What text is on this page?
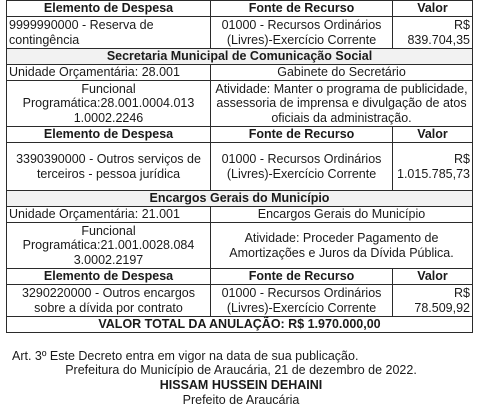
Elemento de Despesa	Fonte de Recurso	Valor
9999990000 - Reserva de contingência	01000 - Recursos Ordinários (Livres)-Exercício Corrente	R$ 839.704,35
Secretaria Municipal de Comunicação Social		
Unidade Orçamentária: 28.001	Gabinete do Secretário	
Funcional Programática:28.001.0004.013 1.0002.2246	Atividade: Manter o programa de publicidade, assessoria de imprensa e divulgação de atos oficiais da administração.	
Elemento de Despesa	Fonte de Recurso	Valor
3390390000 - Outros serviços de terceiros - pessoa jurídica	01000 - Recursos Ordinários (Livres)-Exercício Corrente	R$ 1.015.785,73
Encargos Gerais do Município		
Unidade Orçamentária: 21.001	Encargos Gerais do Município	
Funcional Programática:21.001.0028.084 3.0002.2197	Atividade: Proceder Pagamento de Amortizações e Juros da Dívida Pública.	
Elemento de Despesa	Fonte de Recurso	Valor
3290220000 - Outros encargos sobre a dívida por contrato	01000 - Recursos Ordinários (Livres)-Exercício Corrente	R$ 78.509,92
VALOR TOTAL DA ANULAÇÃO: R$ 1.970.000,00		
Art. 3º Este Decreto entra em vigor na data de sua publicação.
Prefeitura do Município de Araucária, 21 de dezembro de 2022.
HISSAM HUSSEIN DEHAINI
Prefeito de Araucária
